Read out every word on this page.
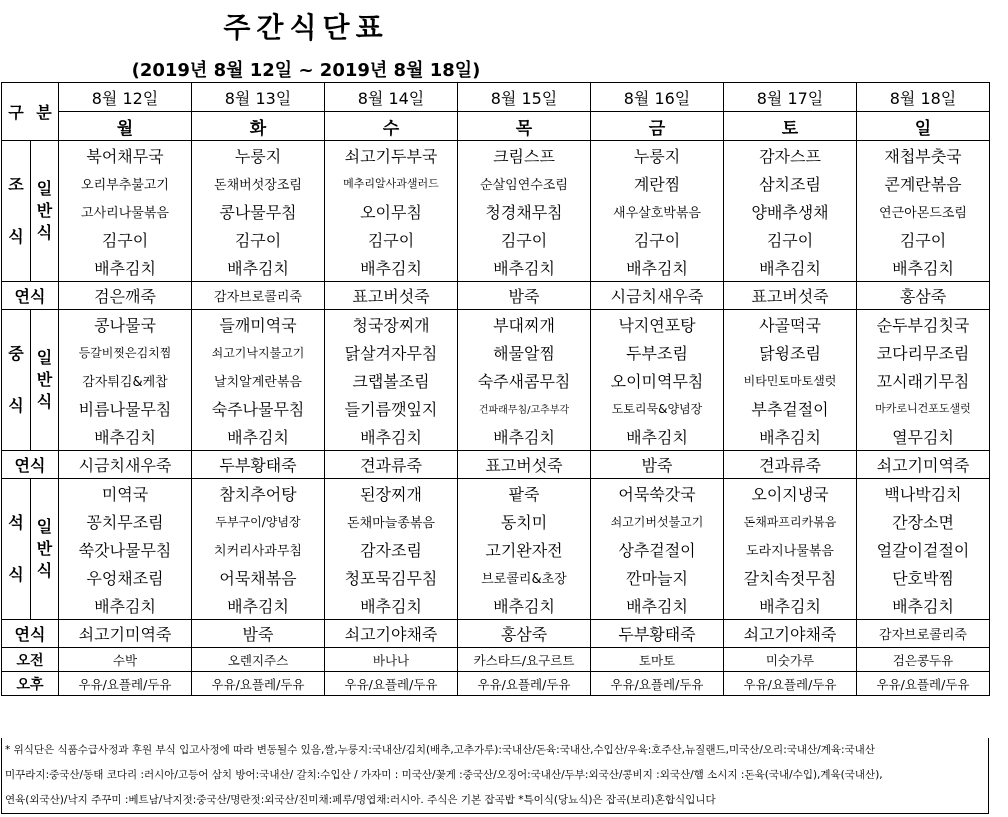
주간식단표
(2019년 8월 12일 ~ 2019년 8월 18일)
구 분		8월 12일	8월 13일	8월 14일	8월 15일	8월 16일	8월 17일	8월 18일
		월	화	수	목	금	토	일

조
식	일
반
식	북어채무국	누룽지	쇠고기두부국	크림스프	누룽지	감자스프	재첩부춧국
		오리부추불고기	돈채버섯장조림	메추리알사과샐러드	순살임연수조림	계란찜	삼치조림	콘계란볶음
		고사리나물볶음	콩나물무침	오이무침	청경채무침	새우살호박볶음	양배추생채	연근아몬드조림
		김구이	김구이	김구이	김구이	김구이	김구이	김구이
		배추김치	배추김치	배추김치	배추김치	배추김치	배추김치	배추김치
연식		검은깨죽	감자브로콜리죽	표고버섯죽	밤죽	시금치새우죽	표고버섯죽	홍삼죽

중
식	일
반
식	콩나물국	들깨미역국	청국장찌개	부대찌개	낙지연포탕	사골떡국	순두부김칫국
		등갈비찟은김치찜	쇠고기낙지불고기	닭살겨자무침	해물알찜	두부조림	닭윙조림	코다리무조림
		감자튀김&케찹	날치알계란볶음	크랩볼조림	숙주새콤무침	오이미역무침	비타민토마토샐럿	꼬시래기무침
		비름나물무침	숙주나물무침	들기름깻잎지	건파래무침/고추부각	도토리묵&양념장	부추겉절이	마카로니건포도샐럿
		배추김치	배추김치	배추김치	배추김치	배추김치	배추김치	열무김치
연식		시금치새우죽	두부황태죽	견과류죽	표고버섯죽	밤죽	견과류죽	쇠고기미역죽

석
식	일
반
식	미역국	참치추어탕	된장찌개	팥죽	어묵쑥갓국	오이지냉국	백나박김치
		꽁치무조림	두부구이/양념장	돈채마늘종볶음	동치미	쇠고기버섯불고기	돈채파프리카볶음	간장소면
		쑥갓나물무침	치커리사과무침	감자조림	고기완자전	상추겉절이	도라지나물볶음	얼갈이겉절이
		우엉채조림	어묵채볶음	청포묵김무침	브로콜리&초장	깐마늘지	갈치속젓무침	단호박찜
		배추김치	배추김치	배추김치	배추김치	배추김치	배추김치	배추김치
연식		쇠고기미역죽	밤죽	쇠고기야채죽	홍삼죽	두부황태죽	쇠고기야채죽	감자브로콜리죽
오전		수박	오렌지주스	바나나	카스타드/요구르트	토마토	미숫가루	검은콩두유
오후		우유/요플레/두유	우유/요플레/두유	우유/요플레/두유	우유/요플레/두유	우유/요플레/두유	우유/요플레/두유	우유/요플레/두유
* 위식단은 식품수급사정과 후원 부식 입고사정에 따라 변동될수 있음,쌀,누룽지:국내산/김치(배추,고추가루):국내산/돈육:국내산,수입산/우육:호주산,뉴질랜드,미국산/오리:국내산/계육:국내산
미꾸라지:중국산/동태 코다리 :러시아/고등어 삼치 방어:국내산/ 갈치:수입산 / 가자미 : 미국산/꽃게 :중국산/오징어:국내산/두부:외국산/콩비지 :외국산/햄 소시지 :돈육(국내/수입),계육(국내산),
연육(외국산)/낙지 주꾸미 :베트남/낙지젓:중국산/명란젓:외국산/진미채:페루/명엽채:러시아. 주식은 기본 잡곡밥 *특이식(당뇨식)은 잡곡(보리)혼합식입니다
